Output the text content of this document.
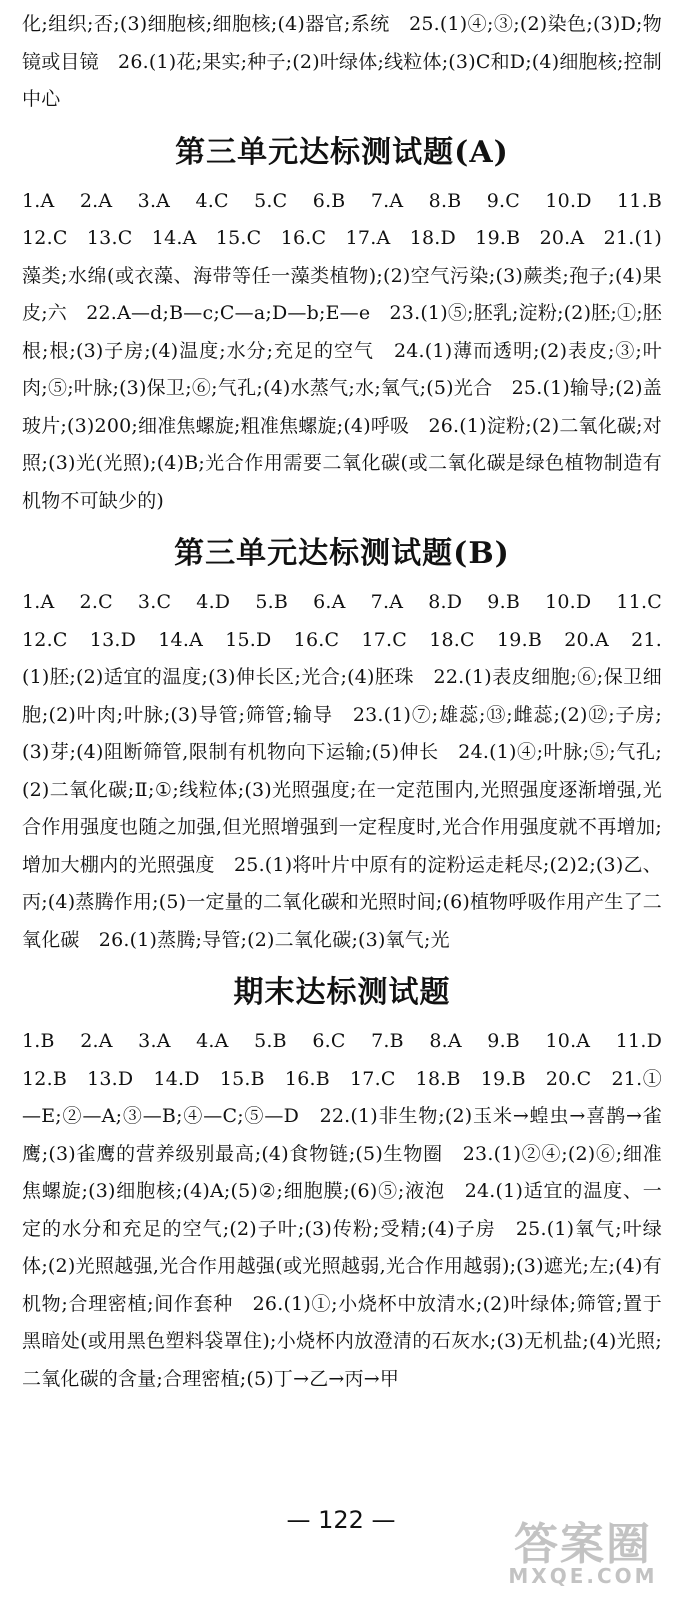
化;组织;否;(3)细胞核;细胞核;(4)器官;系统　25.(1)④;③;(2)染色;(3)D;物镜或目镜　26.(1)花;果实;种子;(2)叶绿体;线粒体;(3)C和D;(4)细胞核;控制中心

第三单元达标测试题(A)

1.A　2.A　3.A　4.C　5.C　6.B　7.A　8.B　9.C　10.D　11.B　12.C　13.C　14.A　15.C　16.C　17.A　18.D　19.B　20.A　21.(1)藻类;水绵(或衣藻、海带等任一藻类植物);(2)空气污染;(3)蕨类;孢子;(4)果皮;六　22.A—d;B—c;C—a;D—b;E—e　23.(1)⑤;胚乳;淀粉;(2)胚;①;胚根;根;(3)子房;(4)温度;水分;充足的空气　24.(1)薄而透明;(2)表皮;③;叶肉;⑤;叶脉;(3)保卫;⑥;气孔;(4)水蒸气;水;氧气;(5)光合　25.(1)输导;(2)盖玻片;(3)200;细准焦螺旋;粗准焦螺旋;(4)呼吸　26.(1)淀粉;(2)二氧化碳;对照;(3)光(光照);(4)B;光合作用需要二氧化碳(或二氧化碳是绿色植物制造有机物不可缺少的)

第三单元达标测试题(B)

1.A　2.C　3.C　4.D　5.B　6.A　7.A　8.D　9.B　10.D　11.C　12.C　13.D　14.A　15.D　16.C　17.C　18.C　19.B　20.A　21.(1)胚;(2)适宜的温度;(3)伸长区;光合;(4)胚珠　22.(1)表皮细胞;⑥;保卫细胞;(2)叶肉;叶脉;(3)导管;筛管;输导　23.(1)⑦;雄蕊;⑬;雌蕊;(2)⑫;子房;(3)芽;(4)阻断筛管,限制有机物向下运输;(5)伸长　24.(1)④;叶脉;⑤;气孔;(2)二氧化碳;Ⅱ;①;线粒体;(3)光照强度;在一定范围内,光照强度逐渐增强,光合作用强度也随之加强,但光照增强到一定程度时,光合作用强度就不再增加;增加大棚内的光照强度　25.(1)将叶片中原有的淀粉运走耗尽;(2)2;(3)乙、丙;(4)蒸腾作用;(5)一定量的二氧化碳和光照时间;(6)植物呼吸作用产生了二氧化碳　26.(1)蒸腾;导管;(2)二氧化碳;(3)氧气;光

期末达标测试题

1.B　2.A　3.A　4.A　5.B　6.C　7.B　8.A　9.B　10.A　11.D　12.B　13.D　14.D　15.B　16.B　17.C　18.B　19.B　20.C　21.①—E;②—A;③—B;④—C;⑤—D　22.(1)非生物;(2)玉米→蝗虫→喜鹊→雀鹰;(3)雀鹰的营养级别最高;(4)食物链;(5)生物圈　23.(1)②④;(2)⑥;细准焦螺旋;(3)细胞核;(4)A;(5)②;细胞膜;(6)⑤;液泡　24.(1)适宜的温度、一定的水分和充足的空气;(2)子叶;(3)传粉;受精;(4)子房　25.(1)氧气;叶绿体;(2)光照越强,光合作用越强(或光照越弱,光合作用越弱);(3)遮光;左;(4)有机物;合理密植;间作套种　26.(1)①;小烧杯中放清水;(2)叶绿体;筛管;置于黑暗处(或用黑色塑料袋罩住);小烧杯内放澄清的石灰水;(3)无机盐;(4)光照;二氧化碳的含量;合理密植;(5)丁→乙→丙→甲

— 122 —	答案圈
MXQE.COM
